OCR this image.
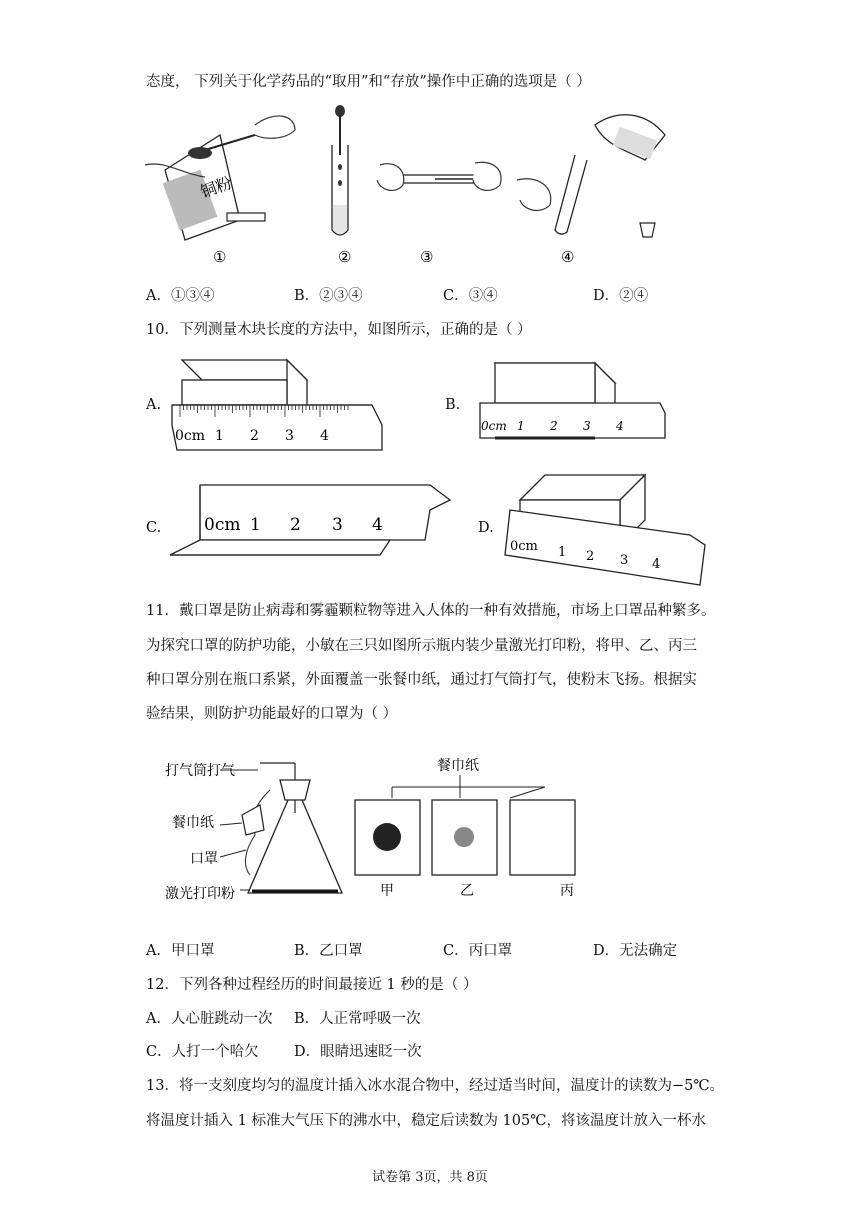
态度， 下列关于化学药品的“取用”和“存放”操作中正确的选项是（ ）
铜粉
①	②	③	④
A．①③④	B．②③④	C．③④	D．②④
10．下列测量木块长度的方法中，如图所示，正确的是（ ）
A.	B.
C.	D.
0cm 1 2 3 4
0cm 1 2 3 4
0cm 1 2 3 4
0cm 1 2 3 4
11．戴口罩是防止病毒和雾霾颗粒物等进入人体的一种有效措施，市场上口罩品种繁多。
为探究口罩的防护功能，小敏在三只如图所示瓶内装少量激光打印粉，将甲、乙、丙三
种口罩分别在瓶口系紧，外面覆盖一张餐巾纸，通过打气筒打气，使粉末飞扬。根据实
验结果，则防护功能最好的口罩为（ ）
打气筒打气
餐巾纸
口罩
激光打印粉
餐巾纸
甲	乙	丙
A．甲口罩	B．乙口罩	C．丙口罩	D．无法确定
12．下列各种过程经历的时间最接近 1 秒的是（ ）
A．人心脏跳动一次 B．人正常呼吸一次
C．人打一个哈欠 D．眼睛迅速眨一次
13．将一支刻度均匀的温度计插入冰水混合物中，经过适当时间，温度计的读数为−5℃。
将温度计插入 1 标准大气压下的沸水中，稳定后读数为 105℃，将该温度计放入一杯水
试卷第 3页，共 8页
